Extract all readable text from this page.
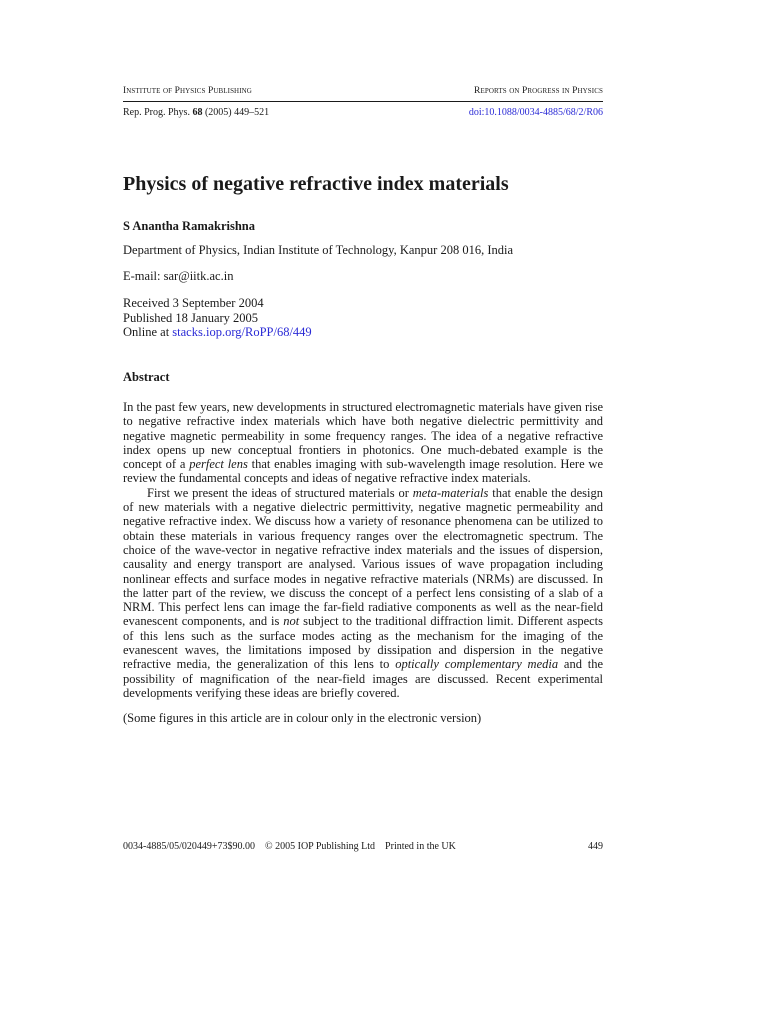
Institute of Physics Publishing	Reports on Progress in Physics
Rep. Prog. Phys. 68 (2005) 449–521	doi:10.1088/0034-4885/68/2/R06
Physics of negative refractive index materials
S Anantha Ramakrishna
Department of Physics, Indian Institute of Technology, Kanpur 208 016, India
E-mail: sar@iitk.ac.in
Received 3 September 2004
Published 18 January 2005
Online at stacks.iop.org/RoPP/68/449
Abstract

In the past few years, new developments in structured electromagnetic materials have given rise to negative refractive index materials which have both negative dielectric permittivity and negative magnetic permeability in some frequency ranges. The idea of a negative refractive index opens up new conceptual frontiers in photonics. One much-debated example is the concept of a perfect lens that enables imaging with sub-wavelength image resolution. Here we review the fundamental concepts and ideas of negative refractive index materials.

First we present the ideas of structured materials or meta-materials that enable the design of new materials with a negative dielectric permittivity, negative magnetic permeability and negative refractive index. We discuss how a variety of resonance phenomena can be utilized to obtain these materials in various frequency ranges over the electromagnetic spectrum. The choice of the wave-vector in negative refractive index materials and the issues of dispersion, causality and energy transport are analysed. Various issues of wave propagation including nonlinear effects and surface modes in negative refractive materials (NRMs) are discussed. In the latter part of the review, we discuss the concept of a perfect lens consisting of a slab of a NRM. This perfect lens can image the far-field radiative components as well as the near-field evanescent components, and is not subject to the traditional diffraction limit. Different aspects of this lens such as the surface modes acting as the mechanism for the imaging of the evanescent waves, the limitations imposed by dissipation and dispersion in the negative refractive media, the generalization of this lens to optically complementary media and the possibility of magnification of the near-field images are discussed. Recent experimental developments verifying these ideas are briefly covered.

(Some figures in this article are in colour only in the electronic version)
0034-4885/05/020449+73$90.00 © 2005 IOP Publishing Ltd Printed in the UK	449
